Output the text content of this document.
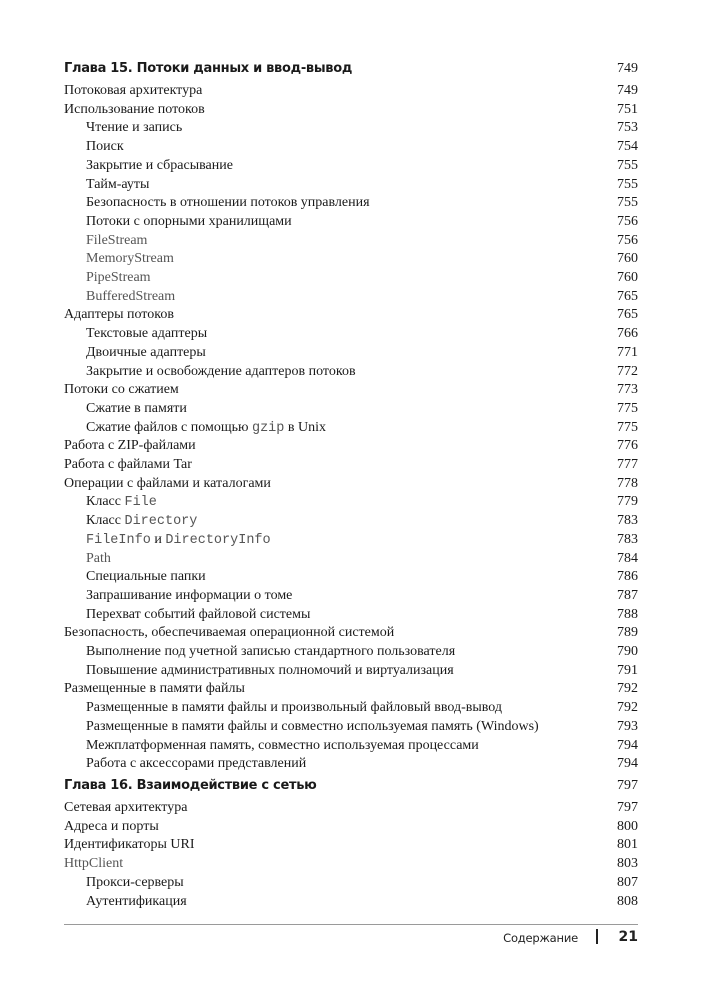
Глава 15. Потоки данных и ввод-вывод	749
Потоковая архитектура	749
Использование потоков	751
Чтение и запись	753
Поиск	754
Закрытие и сбрасывание	755
Тайм-ауты	755
Безопасность в отношении потоков управления	755
Потоки с опорными хранилищами	756
FileStream	756
MemoryStream	760
PipeStream	760
BufferedStream	765
Адаптеры потоков	765
Текстовые адаптеры	766
Двоичные адаптеры	771
Закрытие и освобождение адаптеров потоков	772
Потоки со сжатием	773
Сжатие в памяти	775
Сжатие файлов с помощью gzip в Unix	775
Работа с ZIP-файлами	776
Работа с файлами Tar	777
Операции с файлами и каталогами	778
Класс File	779
Класс Directory	783
FileInfo и DirectoryInfo	783
Path	784
Специальные папки	786
Запрашивание информации о томе	787
Перехват событий файловой системы	788
Безопасность, обеспечиваемая операционной системой	789
Выполнение под учетной записью стандартного пользователя	790
Повышение административных полномочий и виртуализация	791
Размещенные в памяти файлы	792
Размещенные в памяти файлы и произвольный файловый ввод-вывод	792
Размещенные в памяти файлы и совместно используемая память (Windows)	793
Межплатформенная память, совместно используемая процессами	794
Работа с аксессорами представлений	794
Глава 16. Взаимодействие с сетью	797
Сетевая архитектура	797
Адреса и порты	800
Идентификаторы URI	801
HttpClient	803
Прокси-серверы	807
Аутентификация	808
Содержание	21
